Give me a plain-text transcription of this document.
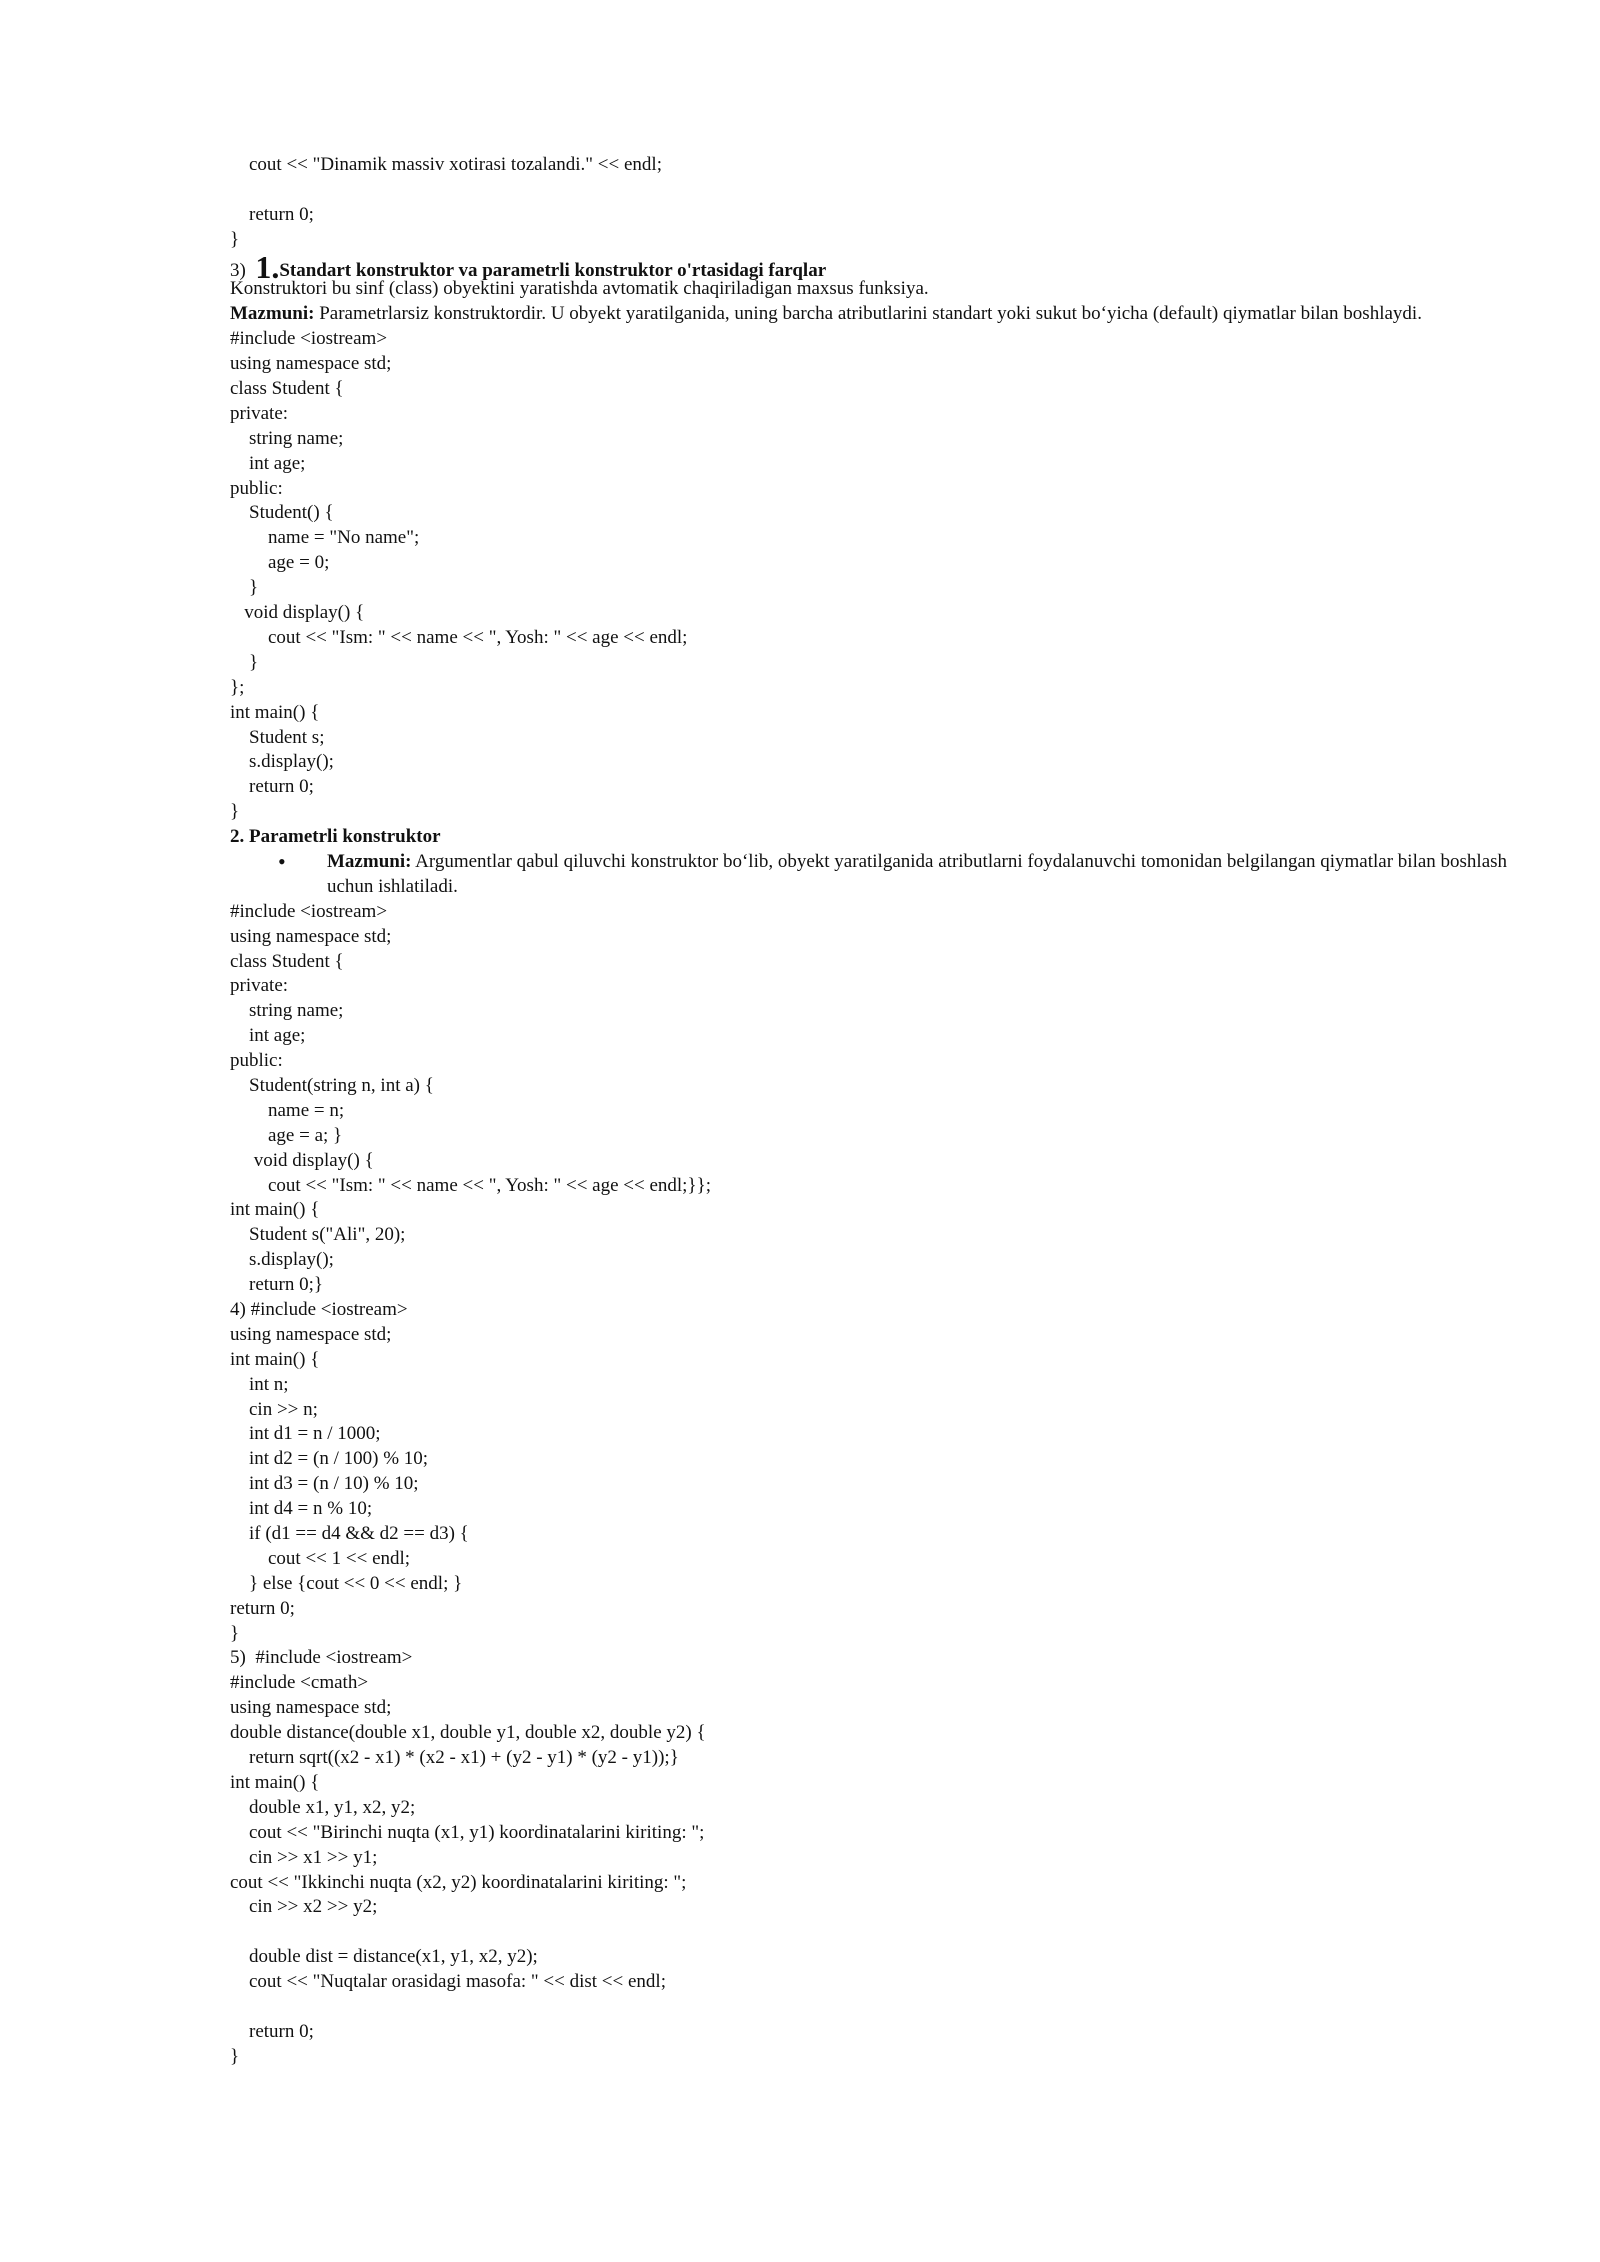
cout << "Dinamik massiv xotirasi tozalandi." << endl;
return 0;
}
3) 1.Standart konstruktor va parametrli konstruktor o'rtasidagi farqlar
Konstruktori bu sinf (class) obyektini yaratishda avtomatik chaqiriladigan maxsus funksiya.
Mazmuni: Parametrlarsiz konstruktordir. U obyekt yaratilganida, uning barcha atributlarini standart yoki sukut bo‘yicha (default) qiymatlar bilan boshlaydi.
#include <iostream>
using namespace std;
class Student {
private:
string name;
int age;
public:
Student() {
name = "No name";
age = 0;
}
void display() {
cout << "Ism: " << name << ", Yosh: " << age << endl;
}
};
int main() {
Student s;
s.display();
return 0;
}
2. Parametrli konstruktor
• Mazmuni: Argumentlar qabul qiluvchi konstruktor bo‘lib, obyekt yaratilganida atributlarni foydalanuvchi tomonidan belgilangan qiymatlar bilan boshlash uchun ishlatiladi.
#include <iostream>
using namespace std;
class Student {
private:
string name;
int age;
public:
Student(string n, int a) {
name = n;
age = a; }
void display() {
cout << "Ism: " << name << ", Yosh: " << age << endl;}};
int main() {
Student s("Ali", 20);
s.display();
return 0;}
4) #include <iostream>
using namespace std;
int main() {
int n;
cin >> n;
int d1 = n / 1000;
int d2 = (n / 100) % 10;
int d3 = (n / 10) % 10;
int d4 = n % 10;
if (d1 == d4 && d2 == d3) {
cout << 1 << endl;
} else {cout << 0 << endl; }
return 0;
}
5)  #include <iostream>
#include <cmath>
using namespace std;
double distance(double x1, double y1, double x2, double y2) {
return sqrt((x2 - x1) * (x2 - x1) + (y2 - y1) * (y2 - y1));}
int main() {
double x1, y1, x2, y2;
cout << "Birinchi nuqta (x1, y1) koordinatalarini kiriting: ";
cin >> x1 >> y1;
cout << "Ikkinchi nuqta (x2, y2) koordinatalarini kiriting: ";
cin >> x2 >> y2;
double dist = distance(x1, y1, x2, y2);
cout << "Nuqtalar orasidagi masofa: " << dist << endl;
return 0;
}
